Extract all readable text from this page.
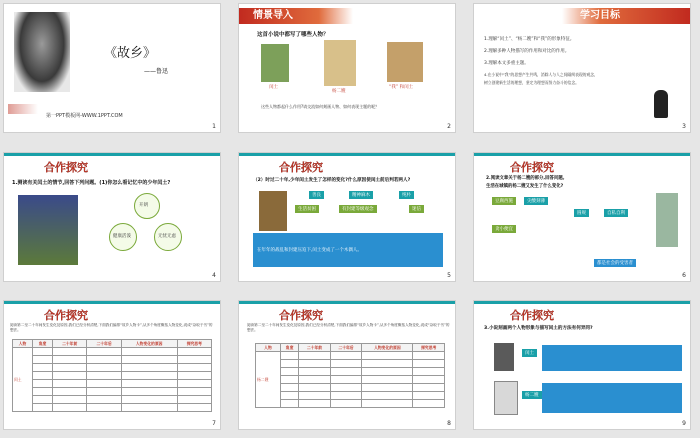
《故乡》
——鲁迅
第一PPT模板网-WWW.1PPT.COM
1
情景导入
这首小说中都写了哪些人物？
闰土
杨二嫂
“我” 和闰土
这些人物都起什么作用?请交流如何刻画人物、如何表现主题的呢？
2
学习目标
1.理解“闰土”、“杨二嫂”和“我”的形象特征。
2.理解多种人物描写的作用和对比的作用。
3.理解本文多重主题。
4.在小说中“我”的思想产生共鸣，消除人与人之间隔阂表现的观念，
树立创建新生活的理想，坚定为理想而努力奋斗的信念。
3
合作探究
1.测读有关闰土的情节,回答下列问题。(1)你怎么看记忆中的少年闰土?
开朗
健康活泼	无忧无虑
4
合作探究
（2）时过二十年,少年闰土发生了怎样的变化?什么原因使闰土前后判若两人?
善良	精神麻木	纯朴
生活贫困	有封建等级观念	迷信
在年年的战乱和封建压迫下,闰土变成了一个木偶人。
5
合作探究
2.阅读文章关于杨二嫂的部分,回答问题。
生活在城镇的杨二嫂又发生了什么变化?
豆腐西施	尖酸刻薄
圆规	自私自利
贪小便宜
都是社会的受害者
6
合作探究
阅读第二至二十年间发生变化及原因,我们已经分析清楚,下面我们编排“故乡人物卡”,从多个角度概括人物变化,说成“杂取于书”的想法。
人物	角度	二十年前	二十年后	人物变化的原因	探究思考
闰土					

7
合作探究
阅读第二至二十年间发生变化及原因,我们已经分析清楚,下面我们编排“故乡人物卡”,从多个角度概括人物变化,说成“杂取于书”的想法。
人物	角度	二十年前	二十年后	人物变化的原因	探究思考
杨二嫂					

8
合作探究
3.小说刻画两个人物形象与描写闰土的方法有何异同?
闰土
杨二嫂
9
